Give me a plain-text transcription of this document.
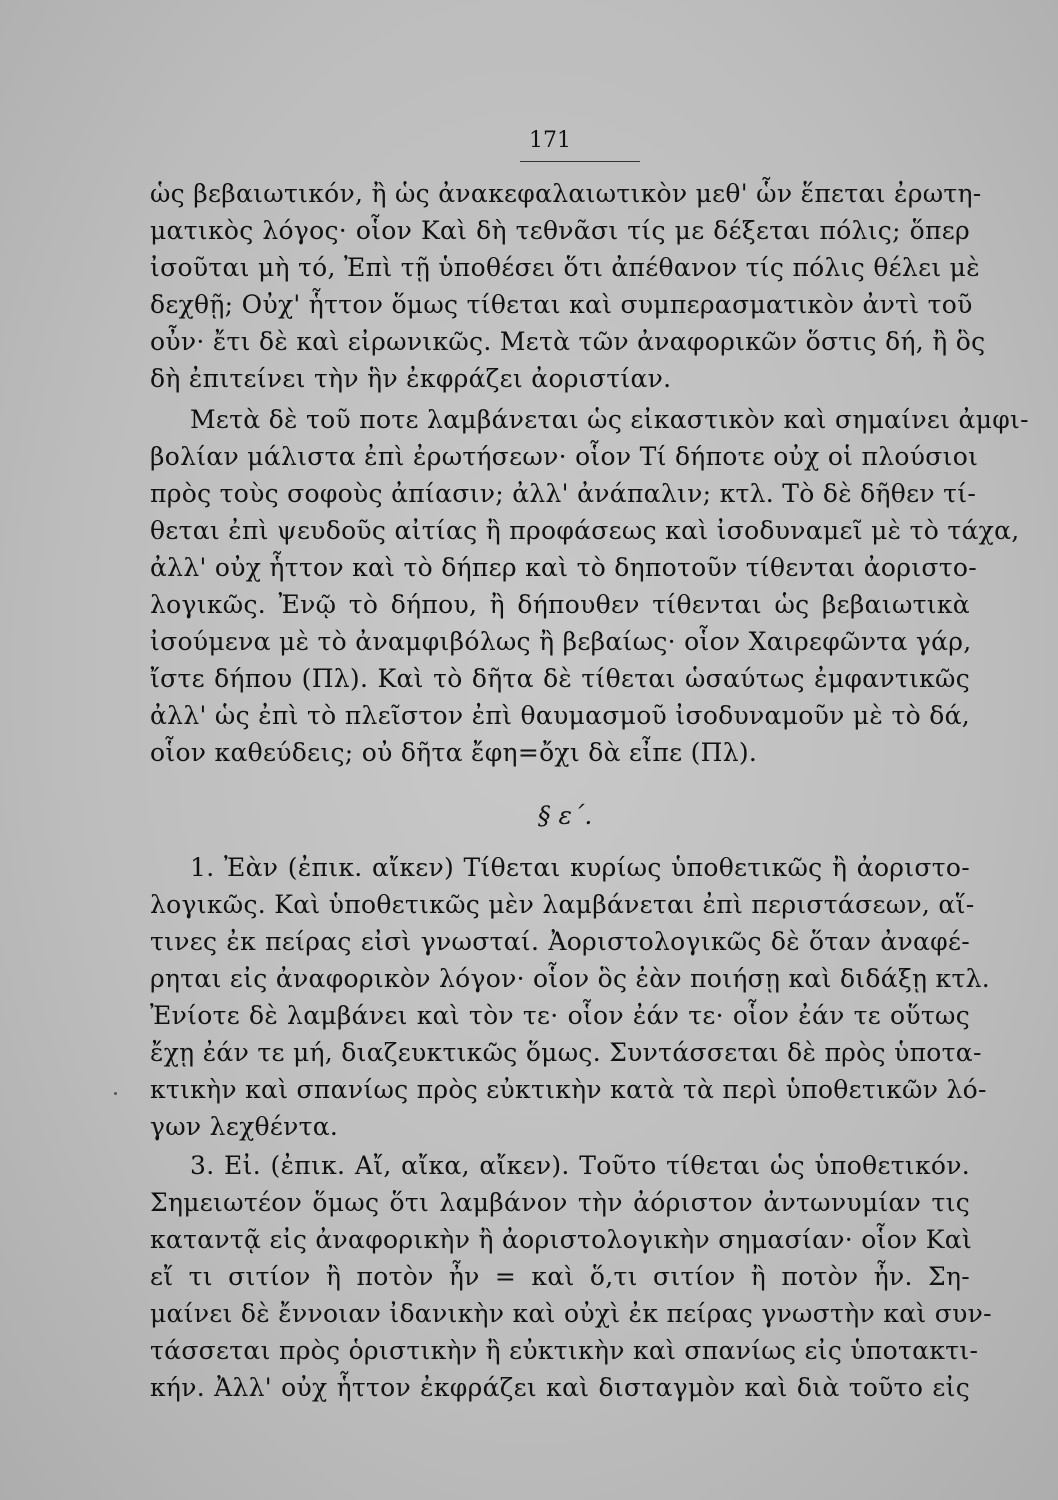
171
ὡς βεβαιωτικόν, ἢ ὡς ἀνακεφαλαιωτικὸν μεθ' ὧν ἕπεται ἐρωτη-
ματικὸς λόγος· οἷον Καὶ δὴ τεθνᾶσι τίς με δέξεται πόλις; ὅπερ
ἰσοῦται μὴ τό, Ἐπὶ τῇ ὑποθέσει ὅτι ἀπέθανον τίς πόλις θέλει μὲ
δεχθῇ; Οὐχ' ἧττον ὅμως τίθεται καὶ συμπερασματικὸν ἀντὶ τοῦ
οὖν· ἔτι δὲ καὶ εἰρωνικῶς. Μετὰ τῶν ἀναφορικῶν ὅστις δή, ἢ ὃς
δὴ ἐπιτείνει τὴν ἣν ἐκφράζει ἀοριστίαν.
Μετὰ δὲ τοῦ ποτε λαμβάνεται ὡς εἰκαστικὸν καὶ σημαίνει ἀμφι-
βολίαν μάλιστα ἐπὶ ἐρωτήσεων· οἷον Τί δήποτε οὐχ οἱ πλούσιοι
πρὸς τοὺς σοφοὺς ἀπίασιν; ἀλλ' ἀνάπαλιν; κτλ. Τὸ δὲ δῆθεν τί-
θεται ἐπὶ ψευδοῦς αἰτίας ἢ προφάσεως καὶ ἰσοδυναμεῖ μὲ τὸ τάχα,
ἀλλ' οὐχ ἧττον καὶ τὸ δήπερ καὶ τὸ δηποτοῦν τίθενται ἀοριστο-
λογικῶς. Ἐνῷ τὸ δήπου, ἢ δήπουθεν τίθενται ὡς βεβαιωτικὰ
ἰσούμενα μὲ τὸ ἀναμφιβόλως ἢ βεβαίως· οἷον Χαιρεφῶντα γάρ,
ἴστε δήπου (Πλ). Καὶ τὸ δῆτα δὲ τίθεται ὡσαύτως ἐμφαντικῶς
ἀλλ' ὡς ἐπὶ τὸ πλεῖστον ἐπὶ θαυμασμοῦ ἰσοδυναμοῦν μὲ τὸ δά,
οἷον καθεύδεις; οὐ δῆτα ἔφη=ὄχι δὰ εἶπε (Πλ).
§ ε΄.
1. Ἐὰν (ἐπικ. αἴκεν) Τίθεται κυρίως ὑποθετικῶς ἢ ἀοριστο-
λογικῶς. Καὶ ὑποθετικῶς μὲν λαμβάνεται ἐπὶ περιστάσεων, αἵ-
τινες ἐκ πείρας εἰσὶ γνωσταί. Ἀοριστολογικῶς δὲ ὅταν ἀναφέ-
ρηται εἰς ἀναφορικὸν λόγον· οἷον ὃς ἐὰν ποιήσῃ καὶ διδάξῃ κτλ.
Ἐνίοτε δὲ λαμβάνει καὶ τὸν τε· οἷον ἐάν τε· οἷον ἐάν τε οὕτως
ἔχῃ ἐάν τε μή, διαζευκτικῶς ὅμως. Συντάσσεται δὲ πρὸς ὑποτα-
κτικὴν καὶ σπανίως πρὸς εὐκτικὴν κατὰ τὰ περὶ ὑποθετικῶν λό-
γων λεχθέντα.
3. Εἰ. (ἐπικ. Αἴ, αἴκα, αἴκεν). Τοῦτο τίθεται ὡς ὑποθετικόν.
Σημειωτέον ὅμως ὅτι λαμβάνον τὴν ἀόριστον ἀντωνυμίαν τις
καταντᾷ εἰς ἀναφορικὴν ἢ ἀοριστολογικὴν σημασίαν· οἷον Καὶ
εἴ τι σιτίον ἢ ποτὸν ἦν = καὶ ὅ,τι σιτίον ἢ ποτὸν ἦν. Ση-
μαίνει δὲ ἔννοιαν ἰδανικὴν καὶ οὐχὶ ἐκ πείρας γνωστὴν καὶ συν-
τάσσεται πρὸς ὁριστικὴν ἢ εὐκτικὴν καὶ σπανίως εἰς ὑποτακτι-
κήν. Ἀλλ' οὐχ ἧττον ἐκφράζει καὶ δισταγμὸν καὶ διὰ τοῦτο εἰς
